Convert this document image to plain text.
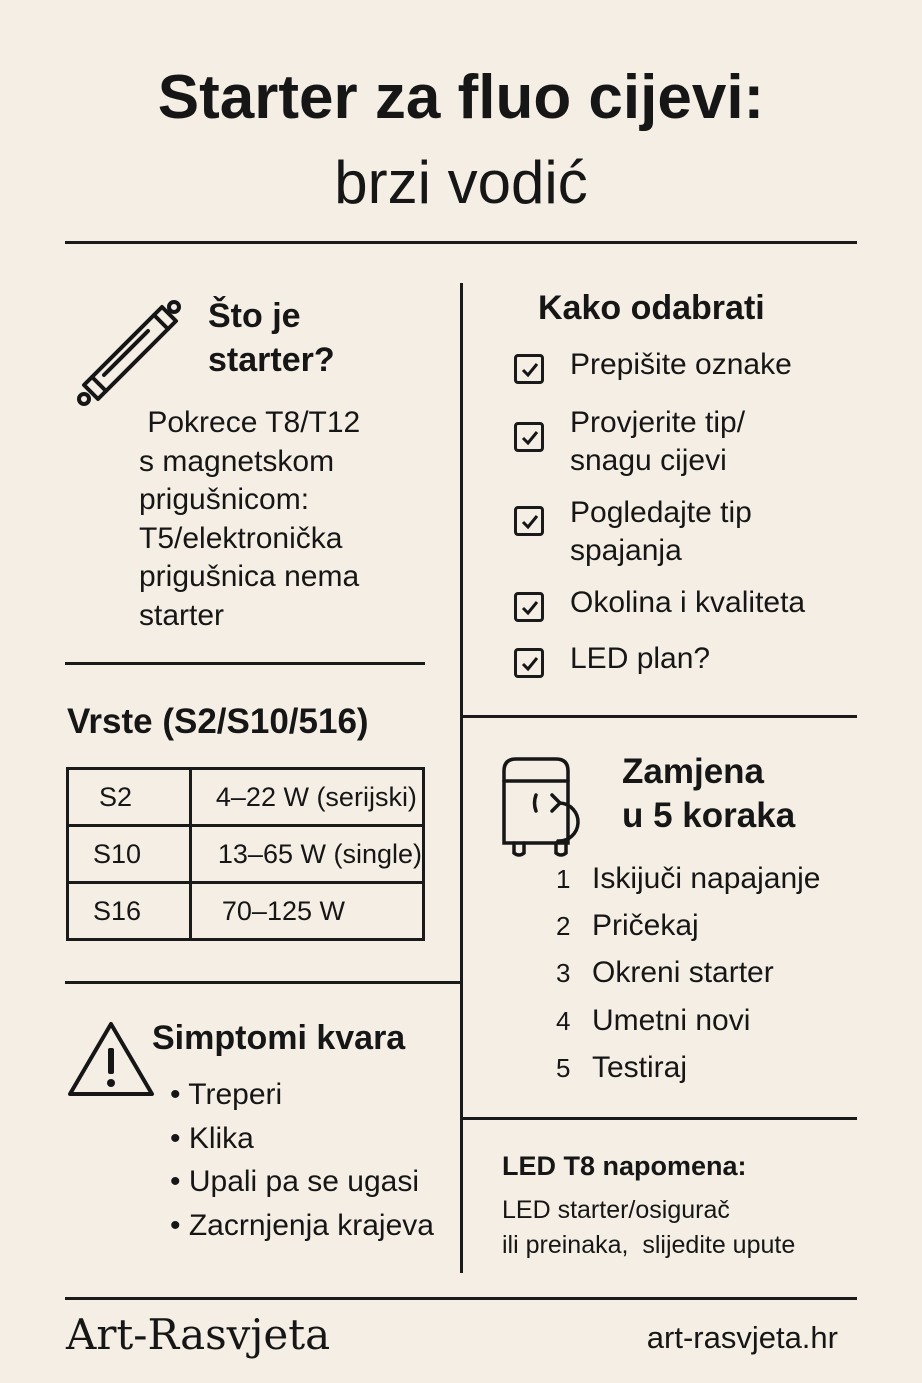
Starter za fluo cijevi:
brzi vodić
Što je
starter?
Pokrece T8/T12
s magnetskom
prigušnicom:
T5/elektronička
prigušnica nema
starter
Vrste (S2/S10/516)
S2	4–22 W (serijski)
S10	13–65 W (single)
S16	70–125 W
Simptomi kvara
• Treperi
• Klika
• Upali pa se ugasi
• Zacrnjenja krajeva
Kako odabrati
Prepišite oznake
Provjerite tip/
snagu cijevi
Pogledajte tip
spajanja
Okolina i kvaliteta
LED plan?
Zamjena
u 5 koraka
1 Iskijuči napajanje
2 Pričekaj
3 Okreni starter
4 Umetni novi
5 Testiraj
LED T8 napomena:
LED starter/osigurač
ili preinaka,  slijedite upute
Art-Rasvjeta	art-rasvjeta.hr
